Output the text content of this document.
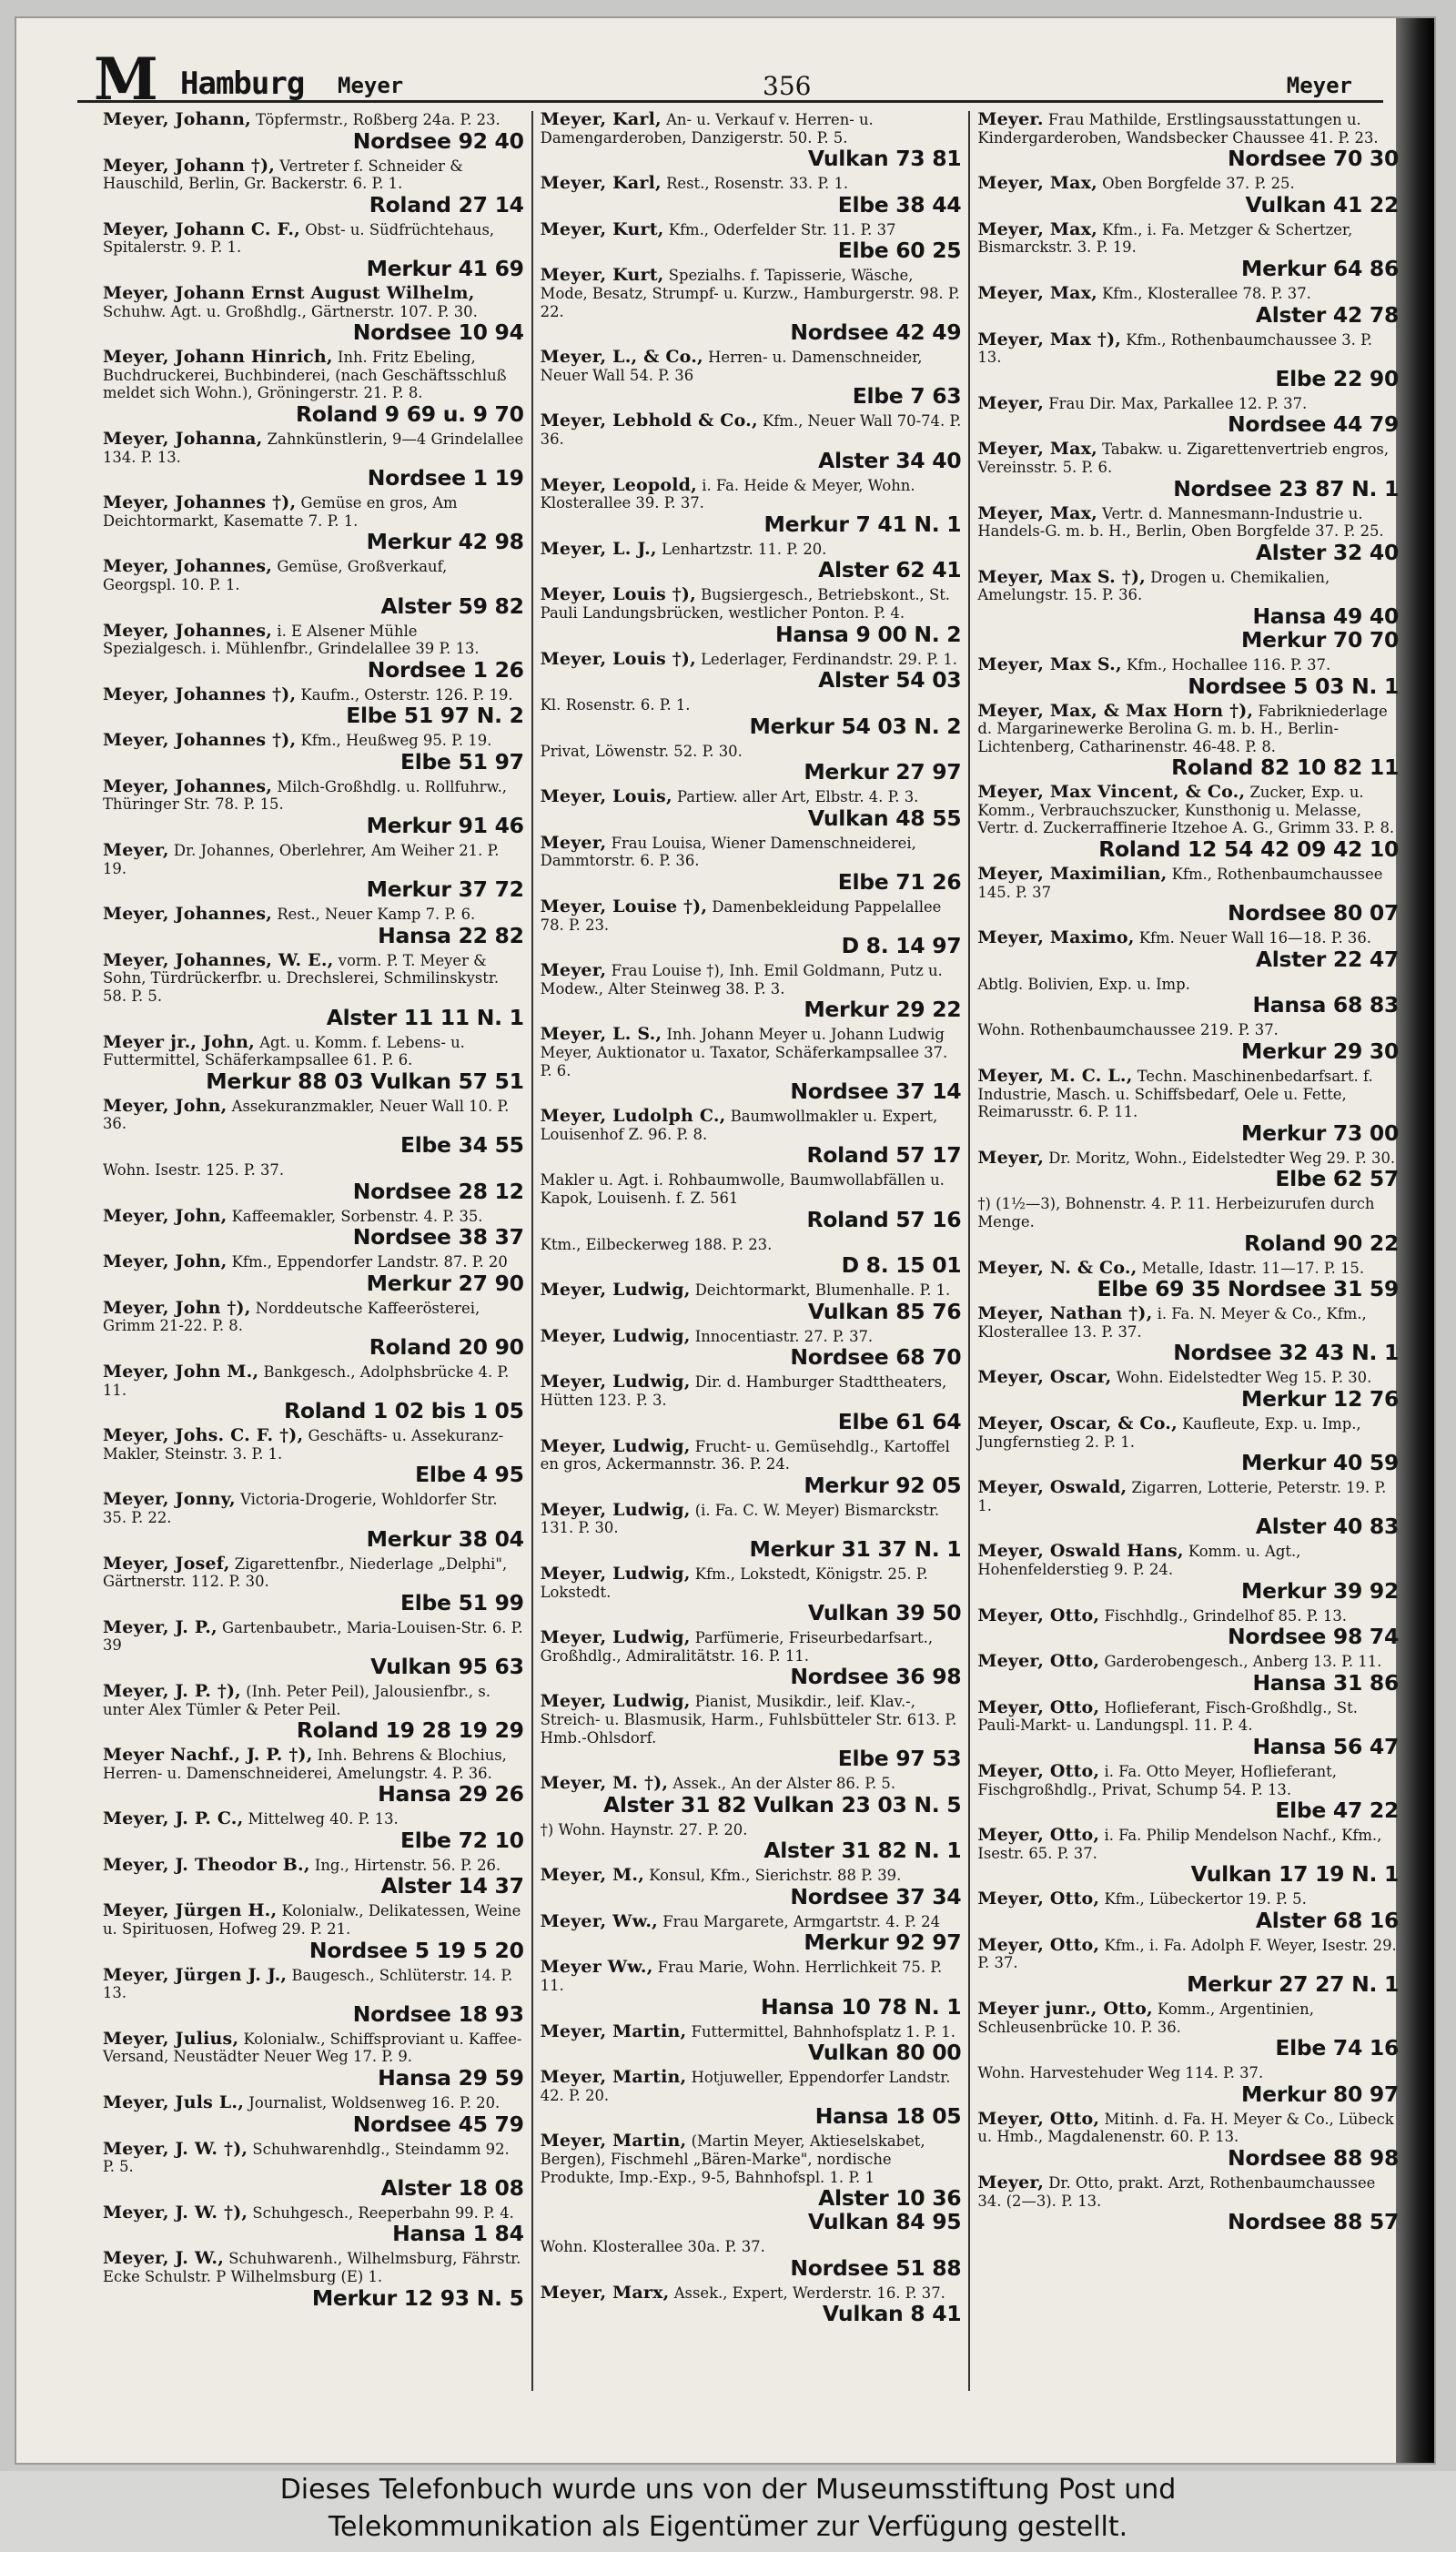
M Hamburg Meyer	356	Meyer
Meyer, Johann, Töpfermstr., Roßberg 24a. P. 23.
Nordsee 92 40
Meyer, Johann †), Vertreter f. Schneider & Hauschild, Berlin, Gr. Backerstr. 6. P. 1.
Roland 27 14
Meyer, Johann C. F., Obst- u. Südfrüchtehaus, Spitalerstr. 9. P. 1.
Merkur 41 69
Meyer, Johann Ernst August Wilhelm, Schuhw. Agt. u. Großhdlg., Gärtnerstr. 107. P. 30.
Nordsee 10 94
Meyer, Johann Hinrich, Inh. Fritz Ebeling, Buchdruckerei, Buchbinderei, (nach Geschäftsschluß meldet sich Wohn.), Gröningerstr. 21. P. 8.
Roland 9 69 u. 9 70
Meyer, Johanna, Zahnkünstlerin, 9—4 Grindelallee 134. P. 13.
Nordsee 1 19
Meyer, Johannes †), Gemüse en gros, Am Deichtormarkt, Kasematte 7. P. 1.
Merkur 42 98
Meyer, Johannes, Gemüse, Großverkauf, Georgspl. 10. P. 1.
Alster 59 82
Meyer, Johannes, i. E Alsener Mühle Spezialgesch. i. Mühlenfbr., Grindelallee 39 P. 13.
Nordsee 1 26
Meyer, Johannes †), Kaufm., Osterstr. 126. P. 19.
Elbe 51 97 N. 2
Meyer, Johannes †), Kfm., Heußweg 95. P. 19.
Elbe 51 97
Meyer, Johannes, Milch-Großhdlg. u. Rollfuhrw., Thüringer Str. 78. P. 15.
Merkur 91 46
Meyer, Dr. Johannes, Oberlehrer, Am Weiher 21. P. 19.
Merkur 37 72
Meyer, Johannes, Rest., Neuer Kamp 7. P. 6.
Hansa 22 82
Meyer, Johannes, W. E., vorm. P. T. Meyer & Sohn, Türdrückerfbr. u. Drechslerei, Schmilinskystr. 58. P. 5.
Alster 11 11 N. 1
Meyer jr., John, Agt. u. Komm. f. Lebens- u. Futtermittel, Schäferkampsallee 61. P. 6.
Merkur 88 03 Vulkan 57 51
Meyer, John, Assekuranzmakler, Neuer Wall 10. P. 36.
Elbe 34 55
Wohn. Isestr. 125. P. 37.
Nordsee 28 12
Meyer, John, Kaffeemakler, Sorbenstr. 4. P. 35.
Nordsee 38 37
Meyer, John, Kfm., Eppendorfer Landstr. 87. P. 20
Merkur 27 90
Meyer, John †), Norddeutsche Kaffeerösterei, Grimm 21-22. P. 8.
Roland 20 90
Meyer, John M., Bankgesch., Adolphsbrücke 4. P. 11.
Roland 1 02 bis 1 05
Meyer, Johs. C. F. †), Geschäfts- u. Assekuranz-Makler, Steinstr. 3. P. 1.
Elbe 4 95
Meyer, Jonny, Victoria-Drogerie, Wohldorfer Str. 35. P. 22.
Merkur 38 04
Meyer, Josef, Zigarettenfbr., Niederlage „Delphi", Gärtnerstr. 112. P. 30.
Elbe 51 99
Meyer, J. P., Gartenbaubetr., Maria-Louisen-Str. 6. P. 39
Vulkan 95 63
Meyer, J. P. †), (Inh. Peter Peil), Jalousienfbr., s. unter Alex Tümler & Peter Peil.
Roland 19 28 19 29
Meyer Nachf., J. P. †), Inh. Behrens & Blochius, Herren- u. Damenschneiderei, Amelungstr. 4. P. 36.
Hansa 29 26
Meyer, J. P. C., Mittelweg 40. P. 13.
Elbe 72 10
Meyer, J. Theodor B., Ing., Hirtenstr. 56. P. 26.
Alster 14 37
Meyer, Jürgen H., Kolonialw., Delikatessen, Weine u. Spirituosen, Hofweg 29. P. 21.
Nordsee 5 19 5 20
Meyer, Jürgen J. J., Baugesch., Schlüterstr. 14. P. 13.
Nordsee 18 93
Meyer, Julius, Kolonialw., Schiffsproviant u. Kaffee-Versand, Neustädter Neuer Weg 17. P. 9.
Hansa 29 59
Meyer, Juls L., Journalist, Woldsenweg 16. P. 20.
Nordsee 45 79
Meyer, J. W. †), Schuhwarenhdlg., Steindamm 92. P. 5.
Alster 18 08
Meyer, J. W. †), Schuhgesch., Reeperbahn 99. P. 4.
Hansa 1 84
Meyer, J. W., Schuhwarenh., Wilhelmsburg, Fährstr. Ecke Schulstr. P Wilhelmsburg (E) 1.
Merkur 12 93 N. 5
Meyer, Karl, An- u. Verkauf v. Herren- u. Damengarderoben, Danzigerstr. 50. P. 5.
Vulkan 73 81
Meyer, Karl, Rest., Rosenstr. 33. P. 1.
Elbe 38 44
Meyer, Kurt, Kfm., Oderfelder Str. 11. P. 37
Elbe 60 25
Meyer, Kurt, Spezialhs. f. Tapisserie, Wäsche, Mode, Besatz, Strumpf- u. Kurzw., Hamburgerstr. 98. P. 22.
Nordsee 42 49
Meyer, L., & Co., Herren- u. Damenschneider, Neuer Wall 54. P. 36
Elbe 7 63
Meyer, Lebhold & Co., Kfm., Neuer Wall 70-74. P. 36.
Alster 34 40
Meyer, Leopold, i. Fa. Heide & Meyer, Wohn. Klosterallee 39. P. 37.
Merkur 7 41 N. 1
Meyer, L. J., Lenhartzstr. 11. P. 20.
Alster 62 41
Meyer, Louis †), Bugsiergesch., Betriebskont., St. Pauli Landungsbrücken, westlicher Ponton. P. 4.
Hansa 9 00 N. 2
Meyer, Louis †), Lederlager, Ferdinandstr. 29. P. 1.
Alster 54 03
Kl. Rosenstr. 6. P. 1.
Merkur 54 03 N. 2
Privat, Löwenstr. 52. P. 30.
Merkur 27 97
Meyer, Louis, Partiew. aller Art, Elbstr. 4. P. 3.
Vulkan 48 55
Meyer, Frau Louisa, Wiener Damenschneiderei, Dammtorstr. 6. P. 36.
Elbe 71 26
Meyer, Louise †), Damenbekleidung Pappelallee 78. P. 23.
D 8. 14 97
Meyer, Frau Louise †), Inh. Emil Goldmann, Putz u. Modew., Alter Steinweg 38. P. 3.
Merkur 29 22
Meyer, L. S., Inh. Johann Meyer u. Johann Ludwig Meyer, Auktionator u. Taxator, Schäferkampsallee 37. P. 6.
Nordsee 37 14
Meyer, Ludolph C., Baumwollmakler u. Expert, Louisenhof Z. 96. P. 8.
Roland 57 17
Makler u. Agt. i. Rohbaumwolle, Baumwollabfällen u. Kapok, Louisenh. f. Z. 561
Roland 57 16
Ktm., Eilbeckerweg 188. P. 23.
D 8. 15 01
Meyer, Ludwig, Deichtormarkt, Blumenhalle. P. 1.
Vulkan 85 76
Meyer, Ludwig, Innocentiastr. 27. P. 37.
Nordsee 68 70
Meyer, Ludwig, Dir. d. Hamburger Stadttheaters, Hütten 123. P. 3.
Elbe 61 64
Meyer, Ludwig, Frucht- u. Gemüsehdlg., Kartoffel en gros, Ackermannstr. 36. P. 24.
Merkur 92 05
Meyer, Ludwig, (i. Fa. C. W. Meyer) Bismarckstr. 131. P. 30.
Merkur 31 37 N. 1
Meyer, Ludwig, Kfm., Lokstedt, Königstr. 25. P. Lokstedt.
Vulkan 39 50
Meyer, Ludwig, Parfümerie, Friseurbedarfsart., Großhdlg., Admiralitätstr. 16. P. 11.
Nordsee 36 98
Meyer, Ludwig, Pianist, Musikdir., leif. Klav.-, Streich- u. Blasmusik, Harm., Fuhlsbütteler Str. 613. P. Hmb.-Ohlsdorf.
Elbe 97 53
Meyer, M. †), Assek., An der Alster 86. P. 5.
Alster 31 82 Vulkan 23 03 N. 5
†) Wohn. Haynstr. 27. P. 20.
Alster 31 82 N. 1
Meyer, M., Konsul, Kfm., Sierichstr. 88 P. 39.
Nordsee 37 34
Meyer, Ww., Frau Margarete, Armgartstr. 4. P. 24
Merkur 92 97
Meyer Ww., Frau Marie, Wohn. Herrlichkeit 75. P. 11.
Hansa 10 78 N. 1
Meyer, Martin, Futtermittel, Bahnhofsplatz 1. P. 1.
Vulkan 80 00
Meyer, Martin, Hotjuweller, Eppendorfer Landstr. 42. P. 20.
Hansa 18 05
Meyer, Martin, (Martin Meyer, Aktieselskabet, Bergen), Fischmehl „Bären-Marke", nordische Produkte, Imp.-Exp., 9-5, Bahnhofspl. 1. P. 1
Alster 10 36
Vulkan 84 95
Wohn. Klosterallee 30a. P. 37.
Nordsee 51 88
Meyer, Marx, Assek., Expert, Werderstr. 16. P. 37.
Vulkan 8 41
Meyer. Frau Mathilde, Erstlingsausstattungen u. Kindergarderoben, Wandsbecker Chaussee 41. P. 23.
Nordsee 70 30
Meyer, Max, Oben Borgfelde 37. P. 25.
Vulkan 41 22
Meyer, Max, Kfm., i. Fa. Metzger & Schertzer, Bismarckstr. 3. P. 19.
Merkur 64 86
Meyer, Max, Kfm., Klosterallee 78. P. 37.
Alster 42 78
Meyer, Max †), Kfm., Rothenbaumchaussee 3. P. 13.
Elbe 22 90
Meyer, Frau Dir. Max, Parkallee 12. P. 37.
Nordsee 44 79
Meyer, Max, Tabakw. u. Zigarettenvertrieb engros, Vereinsstr. 5. P. 6.
Nordsee 23 87 N. 1
Meyer, Max, Vertr. d. Mannesmann-Industrie u. Handels-G. m. b. H., Berlin, Oben Borgfelde 37. P. 25.
Alster 32 40
Meyer, Max S. †), Drogen u. Chemikalien, Amelungstr. 15. P. 36.
Hansa 49 40
Merkur 70 70
Meyer, Max S., Kfm., Hochallee 116. P. 37.
Nordsee 5 03 N. 1
Meyer, Max, & Max Horn †), Fabrikniederlage d. Margarinewerke Berolina G. m. b. H., Berlin-Lichtenberg, Catharinenstr. 46-48. P. 8.
Roland 82 10 82 11
Meyer, Max Vincent, & Co., Zucker, Exp. u. Komm., Verbrauchszucker, Kunsthonig u. Melasse, Vertr. d. Zuckerraffinerie Itzehoe A. G., Grimm 33. P. 8.
Roland 12 54 42 09 42 10
Meyer, Maximilian, Kfm., Rothenbaumchaussee 145. P. 37
Nordsee 80 07
Meyer, Maximo, Kfm. Neuer Wall 16—18. P. 36.
Alster 22 47
Abtlg. Bolivien, Exp. u. Imp.
Hansa 68 83
Wohn. Rothenbaumchaussee 219. P. 37.
Merkur 29 30
Meyer, M. C. L., Techn. Maschinenbedarfsart. f. Industrie, Masch. u. Schiffsbedarf, Oele u. Fette, Reimarusstr. 6. P. 11.
Merkur 73 00
Meyer, Dr. Moritz, Wohn., Eidelstedter Weg 29. P. 30.
Elbe 62 57
†) (1½—3), Bohnenstr. 4. P. 11. Herbeizurufen durch Menge.
Roland 90 22
Meyer, N. & Co., Metalle, Idastr. 11—17. P. 15.
Elbe 69 35 Nordsee 31 59
Meyer, Nathan †), i. Fa. N. Meyer & Co., Kfm., Klosterallee 13. P. 37.
Nordsee 32 43 N. 1
Meyer, Oscar, Wohn. Eidelstedter Weg 15. P. 30.
Merkur 12 76
Meyer, Oscar, & Co., Kaufleute, Exp. u. Imp., Jungfernstieg 2. P. 1.
Merkur 40 59
Meyer, Oswald, Zigarren, Lotterie, Peterstr. 19. P. 1.
Alster 40 83
Meyer, Oswald Hans, Komm. u. Agt., Hohenfelderstieg 9. P. 24.
Merkur 39 92
Meyer, Otto, Fischhdlg., Grindelhof 85. P. 13.
Nordsee 98 74
Meyer, Otto, Garderobengesch., Anberg 13. P. 11.
Hansa 31 86
Meyer, Otto, Hoflieferant, Fisch-Großhdlg., St. Pauli-Markt- u. Landungspl. 11. P. 4.
Hansa 56 47
Meyer, Otto, i. Fa. Otto Meyer, Hoflieferant, Fischgroßhdlg., Privat, Schump 54. P. 13.
Elbe 47 22
Meyer, Otto, i. Fa. Philip Mendelson Nachf., Kfm., Isestr. 65. P. 37.
Vulkan 17 19 N. 1
Meyer, Otto, Kfm., Lübeckertor 19. P. 5.
Alster 68 16
Meyer, Otto, Kfm., i. Fa. Adolph F. Weyer, Isestr. 29. P. 37.
Merkur 27 27 N. 1
Meyer junr., Otto, Komm., Argentinien, Schleusenbrücke 10. P. 36.
Elbe 74 16
Wohn. Harvestehuder Weg 114. P. 37.
Merkur 80 97
Meyer, Otto, Mitinh. d. Fa. H. Meyer & Co., Lübeck u. Hmb., Magdalenenstr. 60. P. 13.
Nordsee 88 98
Meyer, Dr. Otto, prakt. Arzt, Rothenbaumchaussee 34. (2—3). P. 13.
Nordsee 88 57
Dieses Telefonbuch wurde uns von der Museumsstiftung Post und
Telekommunikation als Eigentümer zur Verfügung gestellt.
